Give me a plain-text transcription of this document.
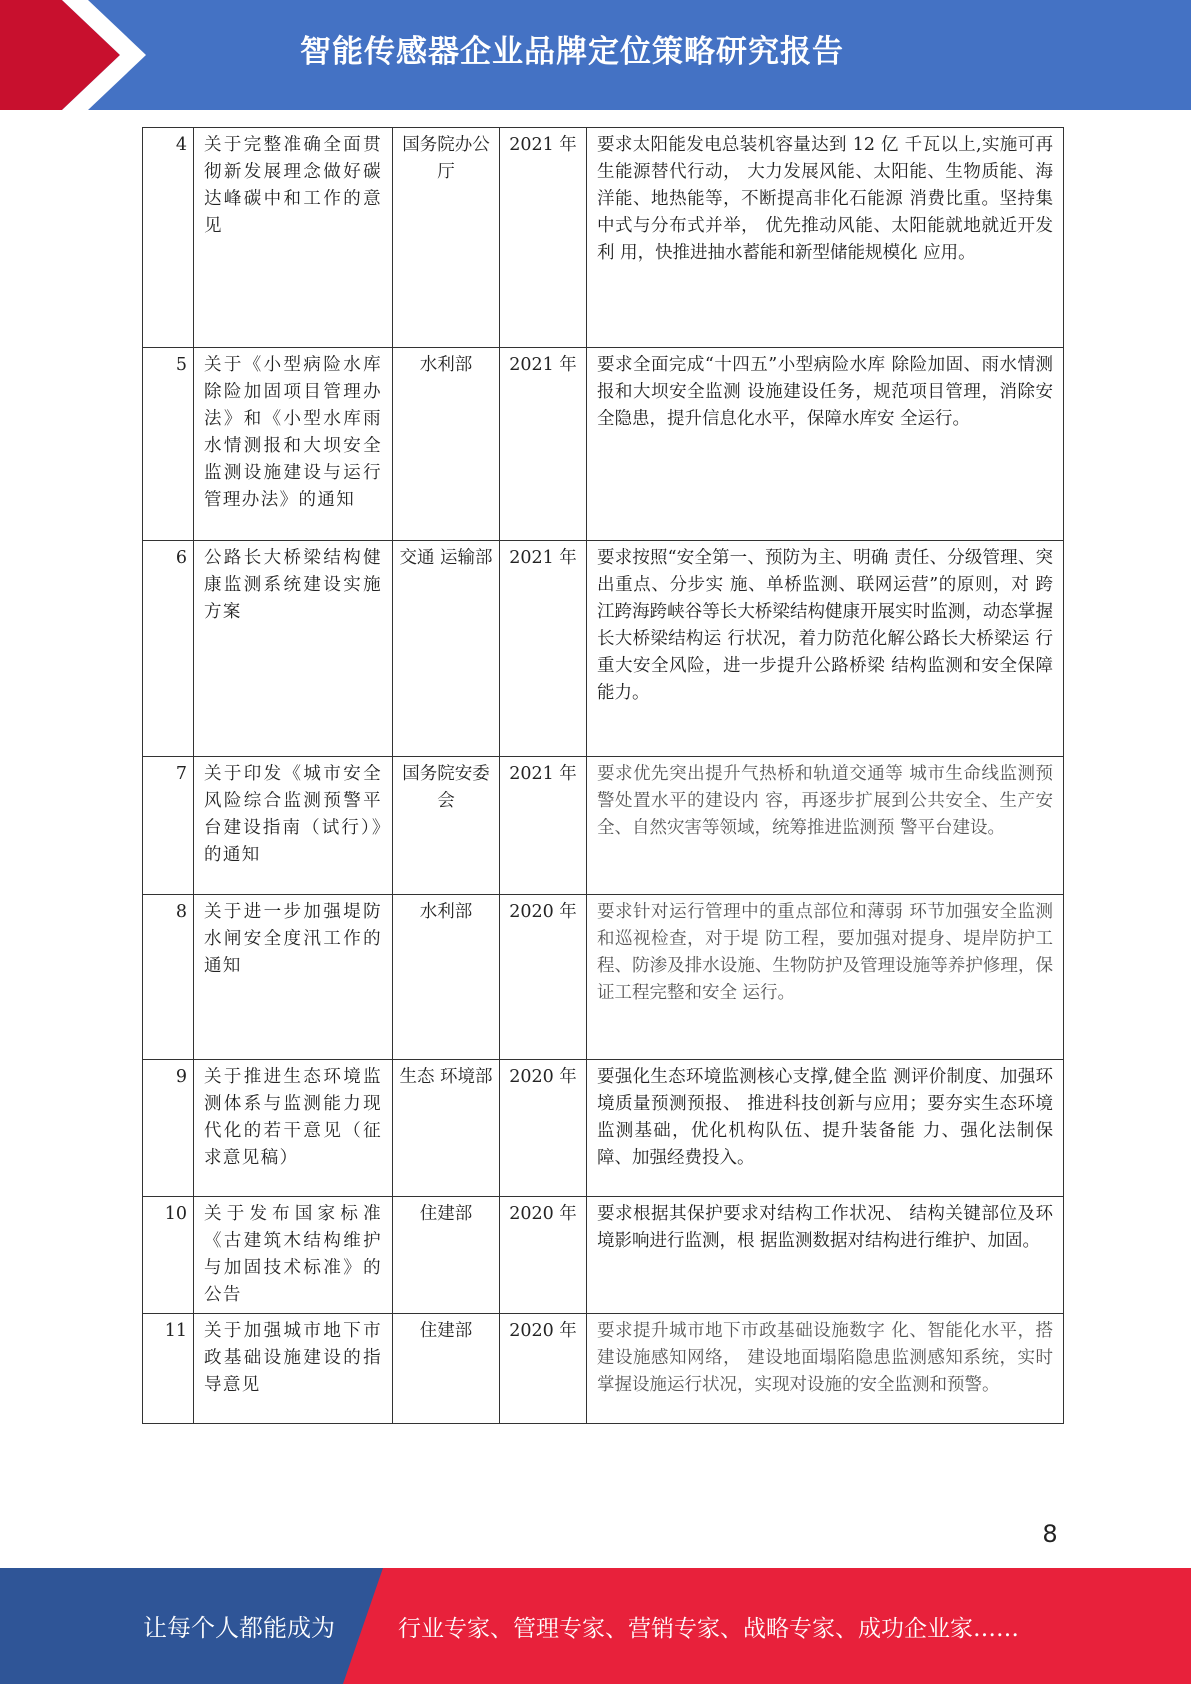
智能传感器企业品牌定位策略研究报告
4	关于完整准确全面贯彻新发展理念做好碳达峰碳中和工作的意见	国务院办公厅	2021 年	要求太阳能发电总装机容量达到 12 亿 千瓦以上,实施可再生能源替代行动， 大力发展风能、太阳能、生物质能、海 洋能、地热能等，不断提高非化石能源 消费比重。坚持集中式与分布式并举， 优先推动风能、太阳能就地就近开发利 用，快推进抽水蓄能和新型储能规模化 应用。
5	关于《小型病险水库除险加固项目管理办法》和《小型水库雨水情测报和大坝安全监测设施建设与运行管理办法》的通知	水利部	2021 年	要求全面完成“十四五”小型病险水库 除险加固、雨水情测报和大坝安全监测 设施建设任务，规范项目管理，消除安 全隐患，提升信息化水平，保障水库安 全运行。
6	公路长大桥梁结构健康监测系统建设实施方案	交通 运输部	2021 年	要求按照“安全第一、预防为主、明确 责任、分级管理、突出重点、分步实 施、单桥监测、联网运营”的原则，对 跨江跨海跨峡谷等长大桥梁结构健康开展实时监测，动态掌握长大桥梁结构运 行状况，着力防范化解公路长大桥梁运 行重大安全风险，进一步提升公路桥梁 结构监测和安全保障能力。
7	关于印发《城市安全风险综合监测预警平台建设指南（试行）》的通知	国务院安委会	2021 年	要求优先突出提升气热桥和轨道交通等 城市生命线监测预警处置水平的建设内 容，再逐步扩展到公共安全、生产安 全、自然灾害等领域，统筹推进监测预 警平台建设。
8	关于进一步加强堤防水闸安全度汛工作的通知	水利部	2020 年	要求针对运行管理中的重点部位和薄弱 环节加强安全监测和巡视检查，对于堤 防工程，要加强对提身、堤岸防护工 程、防渗及排水设施、生物防护及管理设施等养护修理，保证工程完整和安全 运行。
9	关于推进生态环境监测体系与监测能力现代化的若干意见（征求意见稿）	生态 环境部	2020 年	要强化生态环境监测核心支撑,健全监 测评价制度、加强环境质量预测预报、 推进科技创新与应用；要夯实生态环境 监测基础，优化机构队伍、提升装备能 力、强化法制保障、加强经费投入。
10	关于发布国家标准《古建筑木结构维护与加固技术标准》的公告	住建部	2020 年	要求根据其保护要求对结构工作状况、 结构关键部位及环境影响进行监测，根 据监测数据对结构进行维护、加固。
11	关于加强城市地下市政基础设施建设的指导意见	住建部	2020 年	要求提升城市地下市政基础设施数字 化、智能化水平，搭建设施感知网络， 建设地面塌陷隐患监测感知系统，实时 掌握设施运行状况，实现对设施的安全监测和预警。
8
让每个人都能成为	行业专家、管理专家、营销专家、战略专家、成功企业家……
